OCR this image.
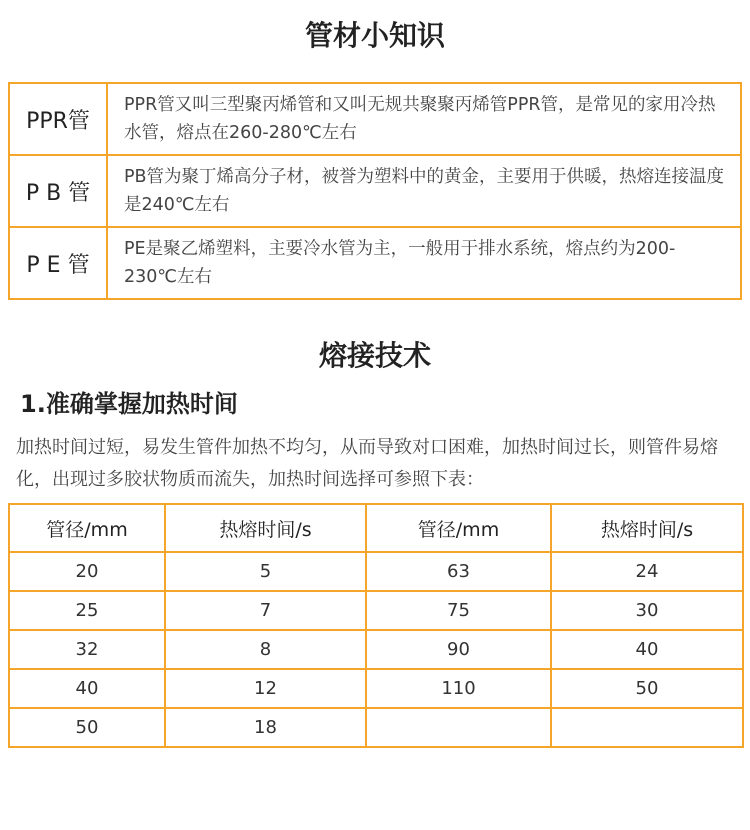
管材小知识
PPR管	PPR管又叫三型聚丙烯管和又叫无规共聚聚丙烯管PPR管，是常见的家用冷热水管，熔点在260-280℃左右
P B 管	PB管为聚丁烯高分子材，被誉为塑料中的黄金，主要用于供暖，热熔连接温度是240℃左右
P E 管	PE是聚乙烯塑料，主要冷水管为主，一般用于排水系统，熔点约为200-230℃左右
熔接技术
1.准确掌握加热时间

加热时间过短，易发生管件加热不均匀，从而导致对口困难，加热时间过长，则管件易熔化，出现过多胶状物质而流失，加热时间选择可参照下表：

管径/mm	热熔时间/s	管径/mm	热熔时间/s
20	5	63	24
25	7	75	30
32	8	90	40
40	12	110	50
50	18		
